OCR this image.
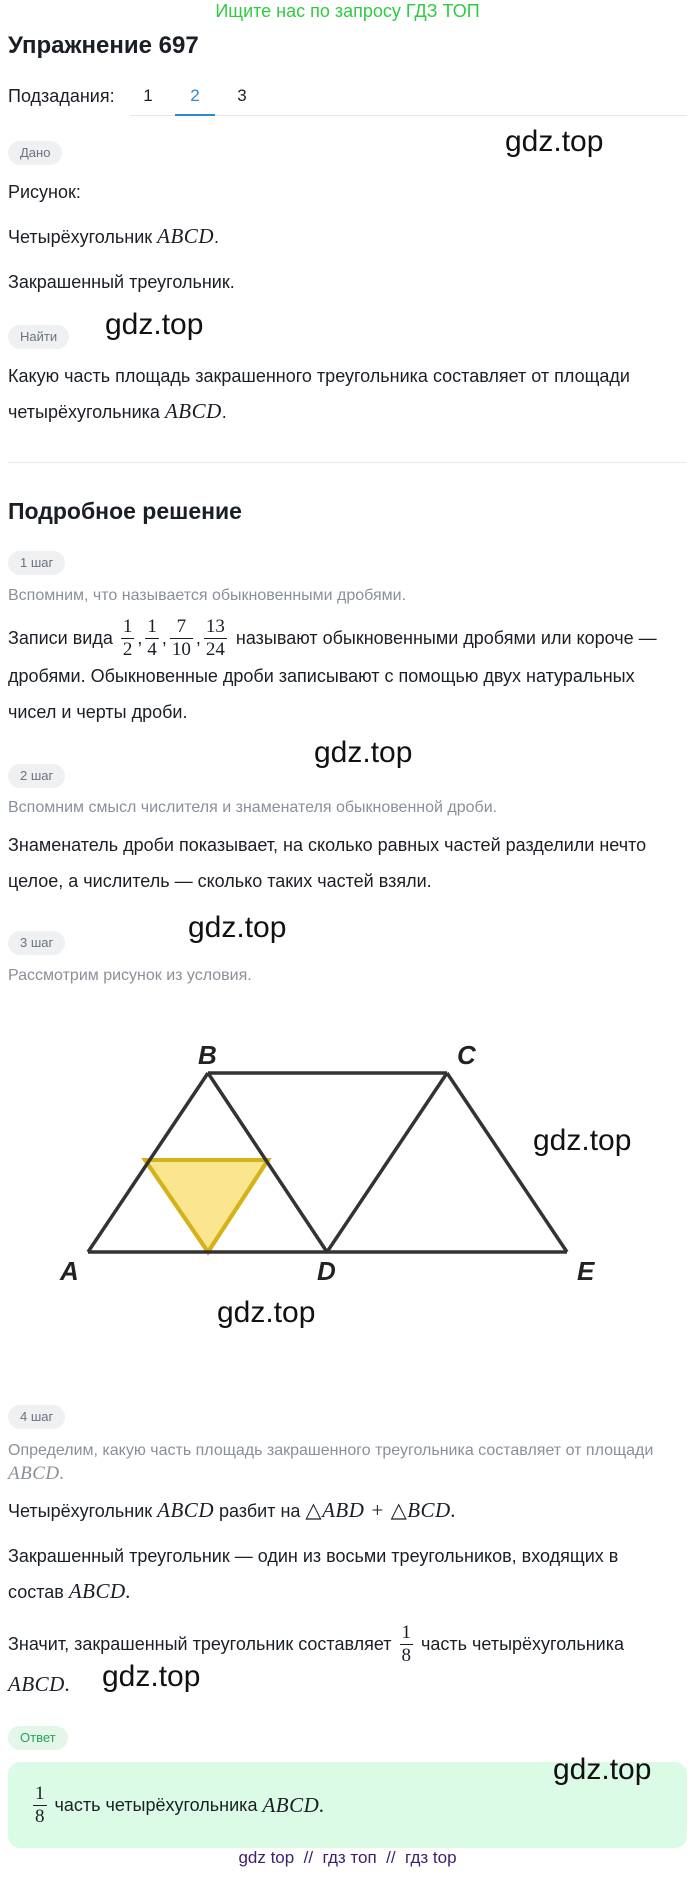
Ищите нас по запросу ГДЗ ТОП
Упражнение 697
Подзадания:	1	2	3
gdz.top
Дано
Рисунок:
Четырёхугольник ABCD.
Закрашенный треугольник.
Найти	gdz.top
Какую часть площадь закрашенного треугольника составляет от площади
четырёхугольника ABCD.
Подробное решение
1 шаг
Вспомним, что называется обыкновенными дробями.
Записи вида $\frac{1}{2}$ , $\frac{1}{4}$ , $\frac{7}{10}$ , $\frac{13}{24}$ называют обыкновенными дробями или короче —
дробями. Обыкновенные дроби записывают с помощью двух натуральных
чисел и черты дроби.
gdz.top
2 шаг
Вспомним смысл числителя и знаменателя обыкновенной дроби.
Знаменатель дроби показывает, на сколько равных частей разделили нечто
целое, а числитель — сколько таких частей взяли.
gdz.top
3 шаг
Рассмотрим рисунок из условия.
B	C
A	D	E
gdz.top
gdz.top
4 шаг
Определим, какую часть площадь закрашенного треугольника составляет от площади
ABCD.
Четырёхугольник ABCD разбит на △ABD + △BCD.
Закрашенный треугольник — один из восьми треугольников, входящих в
состав ABCD.
Значит, закрашенный треугольник составляет $\frac{1}{8}$ часть четырёхугольника
ABCD.	gdz.top
Ответ
$\frac{1}{8}$ часть четырёхугольника ABCD.
gdz.top
gdz top  //  гдз топ  //  гдз top
